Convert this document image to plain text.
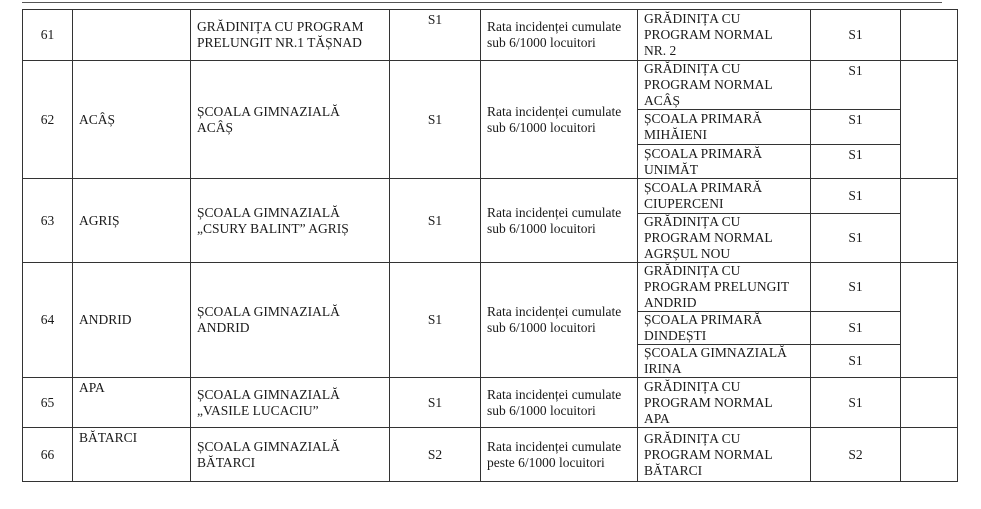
61		GRĂDINIȚA CU PROGRAM
PRELUNGIT NR.1 TĂȘNAD	S1	Rata incidenței cumulate
sub 6/1000 locuitori	GRĂDINIȚA CU
PROGRAM NORMAL
NR. 2	S1	
62	ACÂȘ	ȘCOALA GIMNAZIALĂ
ACÂȘ	S1	Rata incidenței cumulate
sub 6/1000 locuitori	GRĂDINIȚA CU
PROGRAM NORMAL
ACÂȘ	S1	

					ȘCOALA PRIMARĂ
MIHĂIENI	S1	

					ȘCOALA PRIMARĂ
UNIMĂT	S1	
63	AGRIȘ	ȘCOALA GIMNAZIALĂ
„CSURY BALINT” AGRIȘ	S1	Rata incidenței cumulate
sub 6/1000 locuitori	ȘCOALA PRIMARĂ
CIUPERCENI	S1	

					GRĂDINIȚA CU
PROGRAM NORMAL
AGRȘUL NOU	S1	
64	ANDRID	ȘCOALA GIMNAZIALĂ
ANDRID	S1	Rata incidenței cumulate
sub 6/1000 locuitori	GRĂDINIȚA CU
PROGRAM PRELUNGIT
ANDRID	S1	

					ȘCOALA PRIMARĂ
DINDEȘTI	S1	

					ȘCOALA GIMNAZIALĂ
IRINA	S1	
65	APA	ȘCOALA GIMNAZIALĂ
„VASILE LUCACIU”	S1	Rata incidenței cumulate
sub 6/1000 locuitori	GRĂDINIȚA CU
PROGRAM NORMAL
APA	S1	
66	BĂTARCI	ȘCOALA GIMNAZIALĂ
BĂTARCI	S2	Rata incidenței cumulate
peste 6/1000 locuitori	GRĂDINIȚA CU
PROGRAM NORMAL
BĂTARCI	S2	
